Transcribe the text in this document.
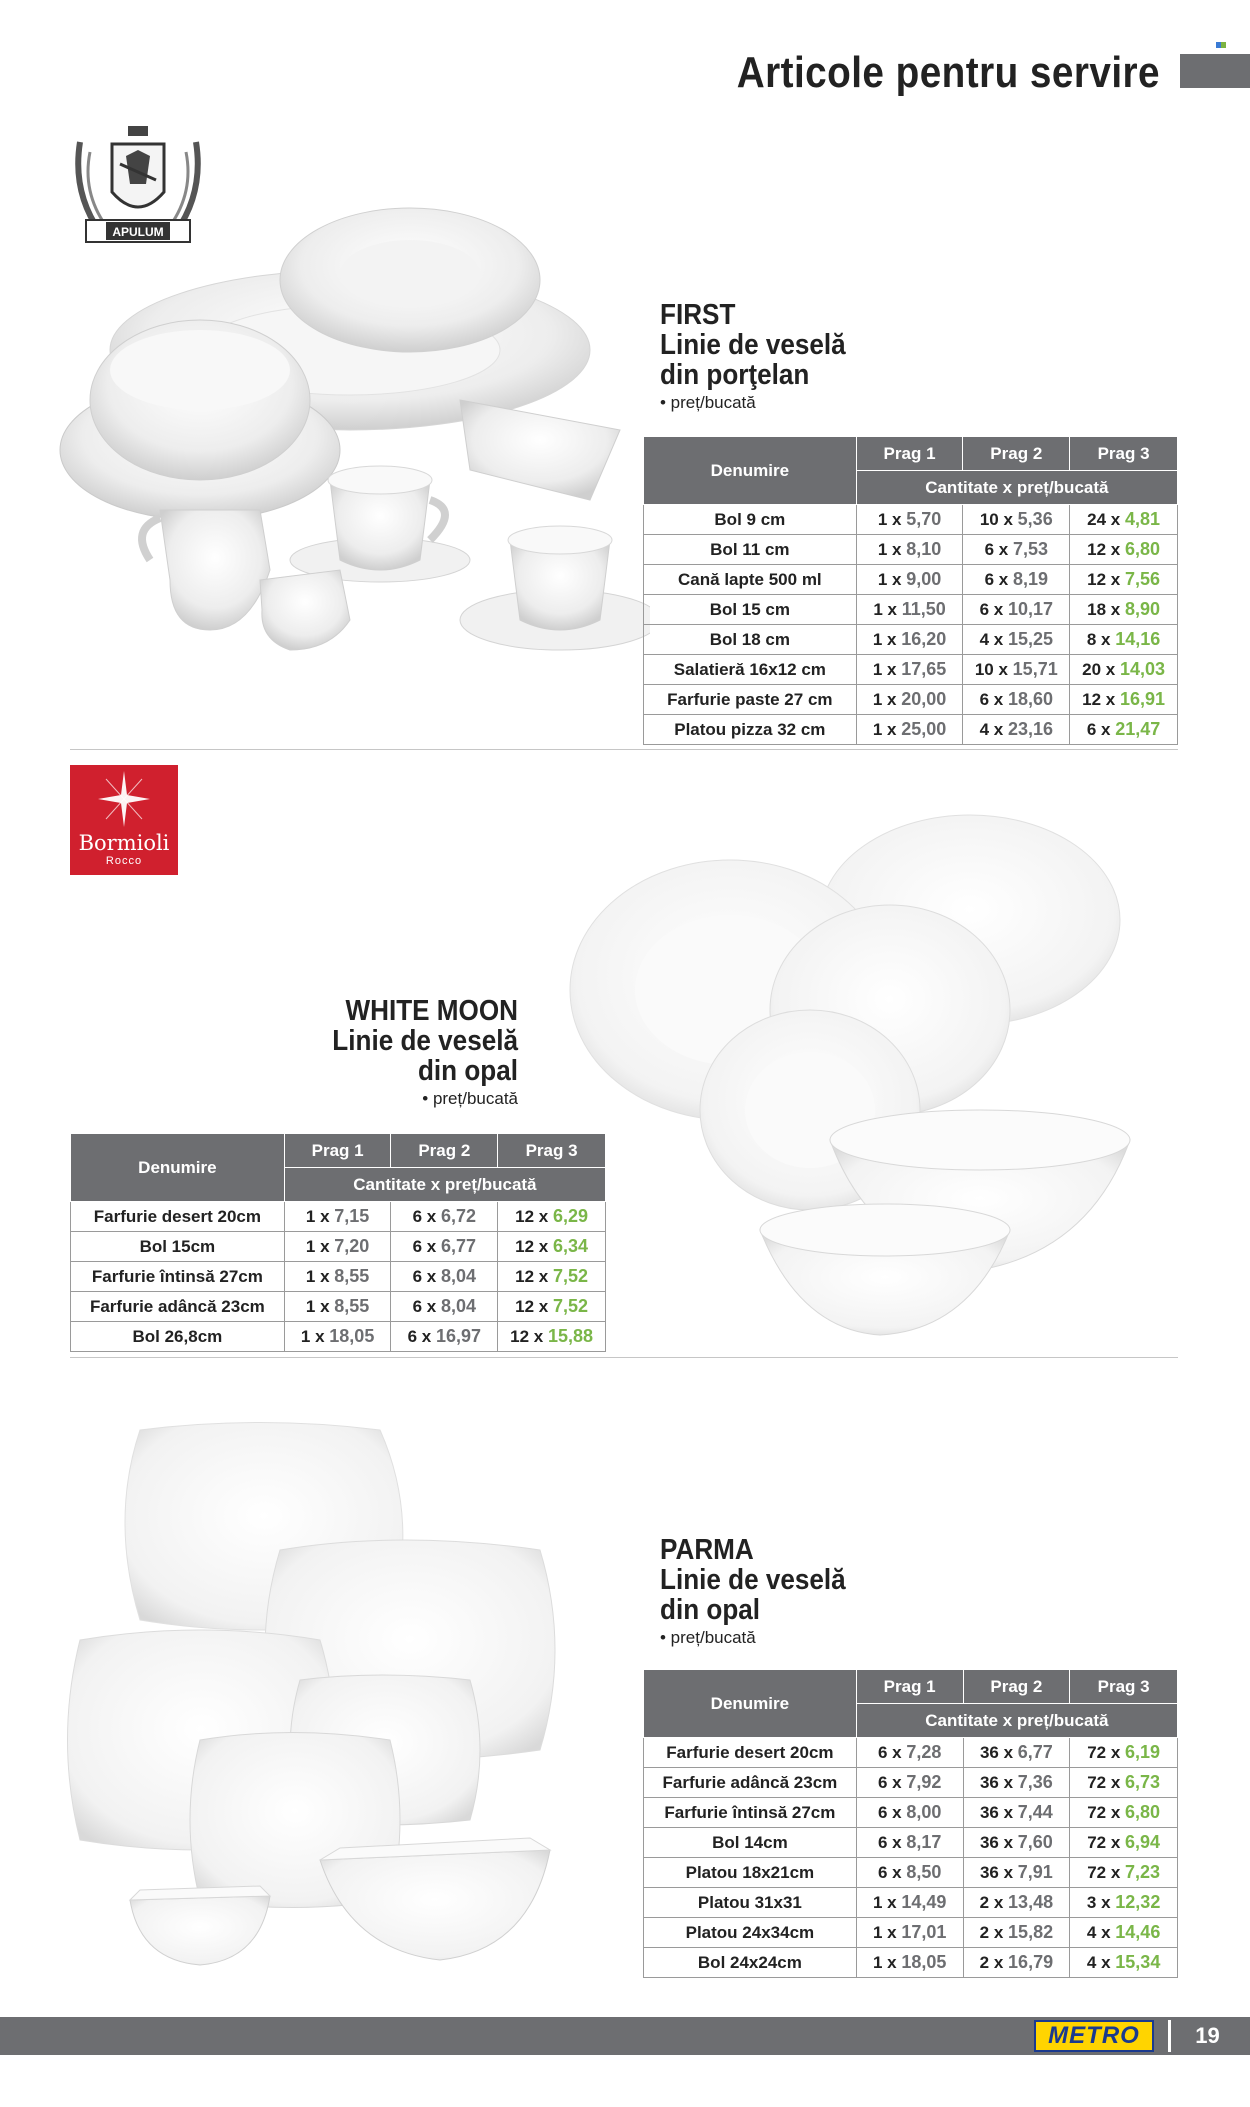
Articole pentru servire
APULUM
FIRST
Linie de veselă
din porţelan
• preț/bucată
Denumire	Prag 1	Prag 2	Prag 3
	Cantitate x preț/bucată		
Bol 9 cm	1 x 5,70	10 x 5,36	24 x 4,81
Bol 11 cm	1 x 8,10	6 x 7,53	12 x 6,80
Cană lapte 500 ml	1 x 9,00	6 x 8,19	12 x 7,56
Bol 15 cm	1 x 11,50	6 x 10,17	18 x 8,90
Bol 18 cm	1 x 16,20	4 x 15,25	8 x 14,16
Salatieră 16x12 cm	1 x 17,65	10 x 15,71	20 x 14,03
Farfurie paste 27 cm	1 x 20,00	6 x 18,60	12 x 16,91
Platou pizza 32 cm	1 x 25,00	4 x 23,16	6 x 21,47
Bormioli
Rocco
WHITE MOON
Linie de veselă
din opal
• preț/bucată
Denumire	Prag 1	Prag 2	Prag 3
	Cantitate x preț/bucată		
Farfurie desert 20cm	1 x 7,15	6 x 6,72	12 x 6,29
Bol 15cm	1 x 7,20	6 x 6,77	12 x 6,34
Farfurie întinsă 27cm	1 x 8,55	6 x 8,04	12 x 7,52
Farfurie adâncă 23cm	1 x 8,55	6 x 8,04	12 x 7,52
Bol 26,8cm	1 x 18,05	6 x 16,97	12 x 15,88
PARMA
Linie de veselă
din opal
• preț/bucată
Denumire	Prag 1	Prag 2	Prag 3
	Cantitate x preț/bucată		
Farfurie desert 20cm	6 x 7,28	36 x 6,77	72 x 6,19
Farfurie adâncă 23cm	6 x 7,92	36 x 7,36	72 x 6,73
Farfurie întinsă 27cm	6 x 8,00	36 x 7,44	72 x 6,80
Bol 14cm	6 x 8,17	36 x 7,60	72 x 6,94
Platou 18x21cm	6 x 8,50	36 x 7,91	72 x 7,23
Platou 31x31	1 x 14,49	2 x 13,48	3 x 12,32
Platou 24x34cm	1 x 17,01	2 x 15,82	4 x 14,46
Bol 24x24cm	1 x 18,05	2 x 16,79	4 x 15,34
METRO	19
